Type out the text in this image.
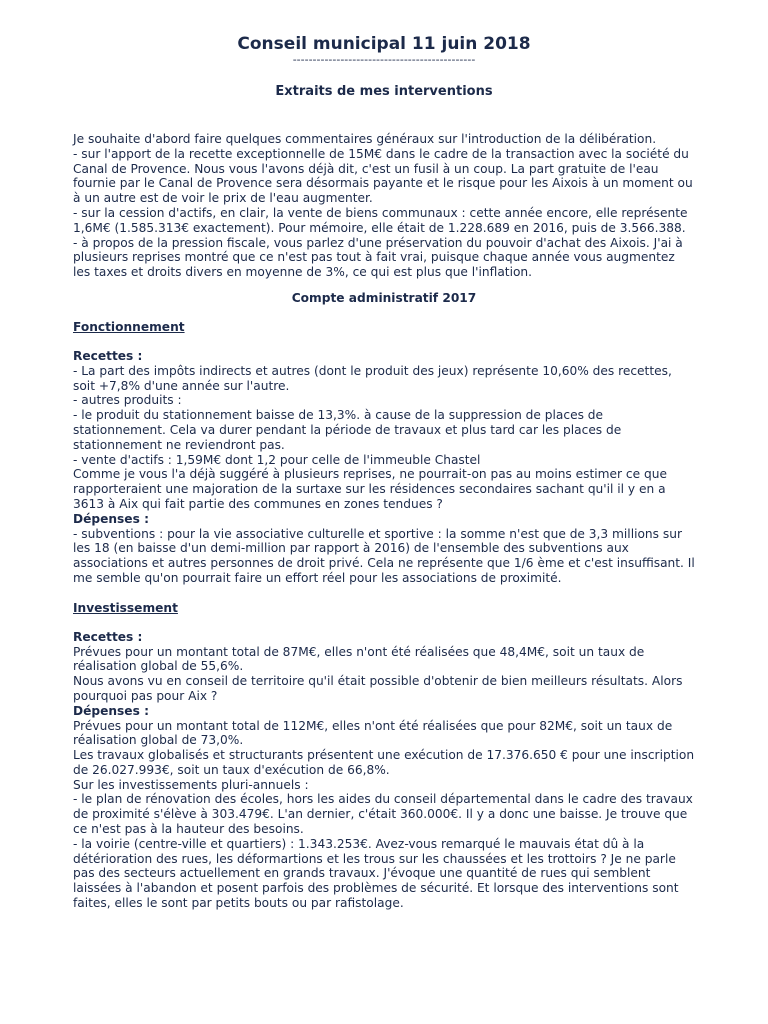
Conseil municipal 11 juin 2018
----------------------------------------------
Extraits de mes interventions

Je souhaite d'abord faire quelques commentaires généraux sur l'introduction de la délibération.

- sur l'apport de la recette exceptionnelle de 15M€ dans le cadre de la transaction avec la société du Canal de Provence. Nous vous l'avons déjà dit, c'est un fusil à un coup. La part gratuite de l'eau fournie par le Canal de Provence sera désormais payante et le risque pour les Aixois à un moment ou à un autre est de voir le prix de l'eau augmenter.

- sur la cession d'actifs, en clair, la vente de biens communaux : cette année encore, elle représente 1,6M€ (1.585.313€ exactement). Pour mémoire, elle était de 1.228.689 en 2016, puis de 3.566.388.

- à propos de la pression fiscale, vous parlez d'une préservation du pouvoir d'achat des Aixois. J'ai à plusieurs reprises montré que ce n'est pas tout à fait vrai, puisque chaque année vous augmentez les taxes et droits divers en moyenne de 3%, ce qui est plus que l'inflation.

Compte administratif 2017
Fonctionnement
Recettes :

- La part des impôts indirects et autres (dont le produit des jeux) représente 10,60% des recettes, soit +7,8% d'une année sur l'autre.

- autres produits :

- le produit du stationnement baisse de 13,3%. à cause de la suppression de places de stationnement. Cela va durer pendant la période de travaux et plus tard car les places de stationnement ne reviendront pas.

- vente d'actifs : 1,59M€ dont 1,2 pour celle de l'immeuble Chastel

Comme je vous l'a déjà suggéré à plusieurs reprises, ne pourrait-on pas au moins estimer ce que rapporteraient une majoration de la surtaxe sur les résidences secondaires sachant qu'il il y en a 3613 à Aix qui fait partie des communes en zones tendues ?

Dépenses :

- subventions : pour la vie associative culturelle et sportive : la somme n'est que de 3,3 millions sur les 18 (en baisse d'un demi-million par rapport à 2016) de l'ensemble des subventions aux associations et autres personnes de droit privé. Cela ne représente que 1/6 ème et c'est insuffisant. Il me semble qu'on pourrait faire un effort réel pour les associations de proximité.

Investissement
Recettes :

Prévues pour un montant total de 87M€, elles n'ont été réalisées que 48,4M€, soit un taux de réalisation global de 55,6%.

Nous avons vu en conseil de territoire qu'il était possible d'obtenir de bien meilleurs résultats. Alors pourquoi pas pour Aix ?

Dépenses :

Prévues pour un montant total de 112M€, elles n'ont été réalisées que pour 82M€, soit un taux de réalisation global de 73,0%.

Les travaux globalisés et structurants présentent une exécution de 17.376.650 € pour une inscription de 26.027.993€, soit un taux d'exécution de 66,8%.

Sur les investissements pluri-annuels :

- le plan de rénovation des écoles, hors les aides du conseil départemental dans le cadre des travaux de proximité s'élève à 303.479€. L'an dernier, c'était 360.000€. Il y a donc une baisse. Je trouve que ce n'est pas à la hauteur des besoins.

- la voirie (centre-ville et quartiers) : 1.343.253€. Avez-vous remarqué le mauvais état dû à la détérioration des rues, les déformartions et les trous sur les chaussées et les trottoirs ? Je ne parle pas des secteurs actuellement en grands travaux. J'évoque une quantité de rues qui semblent laissées à l'abandon et posent parfois des problèmes de sécurité. Et lorsque des interventions sont faites, elles le sont par petits bouts ou par rafistolage.
